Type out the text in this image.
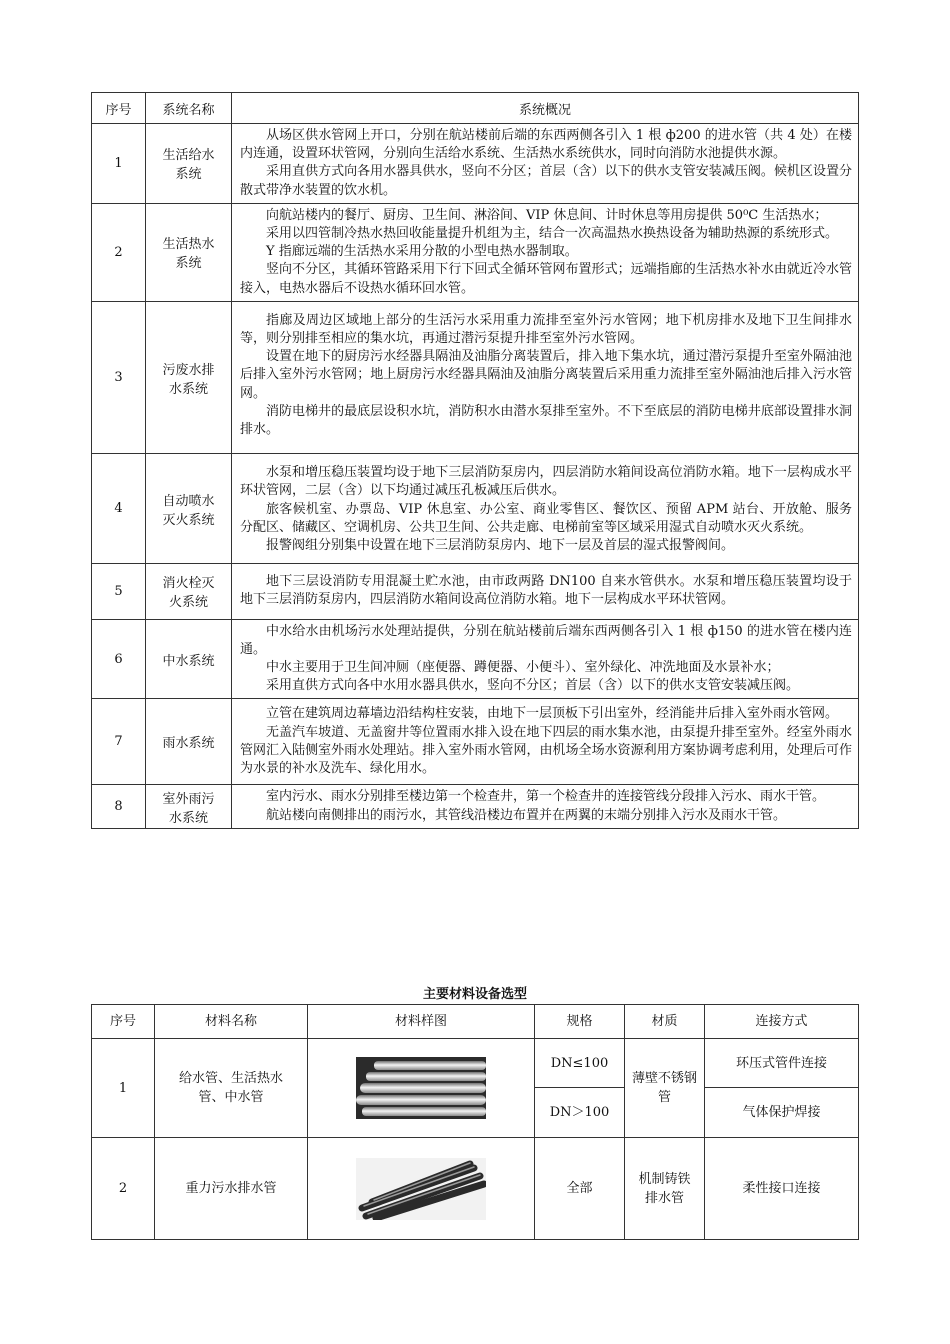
序号	系统名称	系统概况
1	生活给水系统	从场区供水管网上开口，分别在航站楼前后端的东西两侧各引入 1 根 ф200 的进水管（共 4 处）在楼内连通，设置环状管网，分别向生活给水系统、生活热水系统供水，同时向消防水池提供水源。

采用直供方式向各用水器具供水，竖向不分区；首层（含）以下的供水支管安装减压阀。候机区设置分散式带净水装置的饮水机。

2	生活热水系统	向航站楼内的餐厅、厨房、卫生间、淋浴间、VIP 休息间、计时休息等用房提供 50⁰C 生活热水；

采用以四管制冷热水热回收能量提升机组为主，结合一次高温热水换热设备为辅助热源的系统形式。

Y 指廊远端的生活热水采用分散的小型电热水器制取。

竖向不分区，其循环管路采用下行下回式全循环管网布置形式；远端指廊的生活热水补水由就近冷水管接入，电热水器后不设热水循环回水管。

3	污废水排水系统	指廊及周边区域地上部分的生活污水采用重力流排至室外污水管网；地下机房排水及地下卫生间排水等，则分别排至相应的集水坑，再通过潜污泵提升排至室外污水管网。

设置在地下的厨房污水经器具隔油及油脂分离装置后，排入地下集水坑，通过潜污泵提升至室外隔油池后排入室外污水管网；地上厨房污水经器具隔油及油脂分离装置后采用重力流排至室外隔油池后排入污水管网。

消防电梯井的最底层设积水坑，消防积水由潜水泵排至室外。不下至底层的消防电梯井底部设置排水洞排水。

4	自动喷水灭火系统	水泵和增压稳压装置均设于地下三层消防泵房内，四层消防水箱间设高位消防水箱。地下一层构成水平环状管网，二层（含）以下均通过减压孔板减压后供水。

旅客候机室、办票岛、VIP 休息室、办公室、商业零售区、餐饮区、预留 APM 站台、开放舱、服务分配区、储藏区、空调机房、公共卫生间、公共走廊、电梯前室等区域采用湿式自动喷水灭火系统。

报警阀组分别集中设置在地下三层消防泵房内、地下一层及首层的湿式报警阀间。

5	消火栓灭火系统	地下三层设消防专用混凝土贮水池，由市政两路 DN100 自来水管供水。水泵和增压稳压装置均设于地下三层消防泵房内，四层消防水箱间设高位消防水箱。地下一层构成水平环状管网。

6	中水系统	中水给水由机场污水处理站提供，分别在航站楼前后端东西两侧各引入 1 根 ф150 的进水管在楼内连通。

中水主要用于卫生间冲厕（座便器、蹲便器、小便斗）、室外绿化、冲洗地面及水景补水；

采用直供方式向各中水用水器具供水，竖向不分区；首层（含）以下的供水支管安装减压阀。

7	雨水系统	立管在建筑周边幕墙边沿结构柱安装，由地下一层顶板下引出室外，经消能井后排入室外雨水管网。

无盖汽车坡道、无盖窗井等位置雨水排入设在地下四层的雨水集水池，由泵提升排至室外。经室外雨水管网汇入陆侧室外雨水处理站。排入室外雨水管网，由机场全场水资源利用方案协调考虑利用，处理后可作为水景的补水及洗车、绿化用水。

8	室外雨污水系统	室内污水、雨水分别排至楼边第一个检查井，第一个检查井的连接管线分段排入污水、雨水干管。

航站楼向南侧排出的雨污水，其管线沿楼边布置并在两翼的末端分别排入污水及雨水干管。

主要材料设备选型
序号	材料名称	材料样图	规格	材质	连接方式
1	给水管、生活热水管、中水管		DN≤100	薄壁不锈钢管	环压式管件连接
			DN＞100		气体保护焊接
2	重力污水排水管		全部	机制铸铁排水管	柔性接口连接
